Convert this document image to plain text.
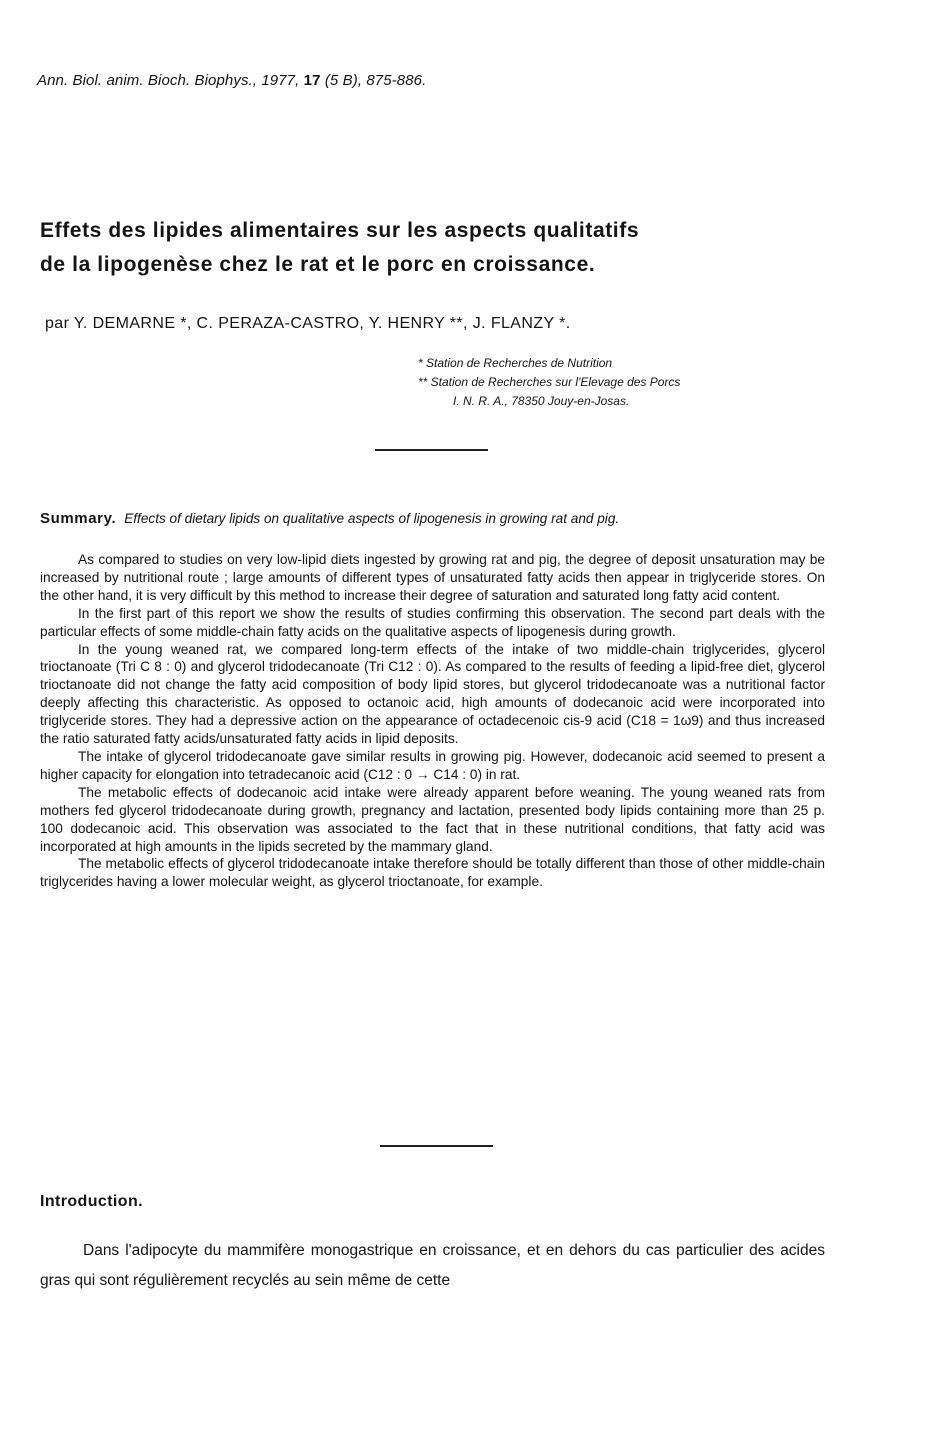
Ann. Biol. anim. Bioch. Biophys., 1977, 17 (5 B), 875-886.
Effets des lipides alimentaires sur les aspects qualitatifs
de la lipogenèse chez le rat et le porc en croissance.
par Y. DEMARNE *, C. PERAZA-CASTRO, Y. HENRY **, J. FLANZY *.
* Station de Recherches de Nutrition
** Station de Recherches sur l'Elevage des Porcs
I. N. R. A., 78350 Jouy-en-Josas.
Summary. Effects of dietary lipids on qualitative aspects of lipogenesis in growing rat and pig.

As compared to studies on very low-lipid diets ingested by growing rat and pig, the degree of deposit unsaturation may be increased by nutritional route ; large amounts of different types of unsaturated fatty acids then appear in triglyceride stores. On the other hand, it is very difficult by this method to increase their degree of saturation and saturated long fatty acid content.

In the first part of this report we show the results of studies confirming this observation. The second part deals with the particular effects of some middle-chain fatty acids on the qualitative aspects of lipogenesis during growth.

In the young weaned rat, we compared long-term effects of the intake of two middle-chain triglycerides, glycerol trioctanoate (Tri C 8 : 0) and glycerol tridodecanoate (Tri C12 : 0). As compared to the results of feeding a lipid-free diet, glycerol trioctanoate did not change the fatty acid composition of body lipid stores, but glycerol tridodecanoate was a nutritional factor deeply affecting this characteristic. As opposed to octanoic acid, high amounts of dodecanoic acid were incorporated into triglyceride stores. They had a depressive action on the appearance of octadecenoic cis-9 acid (C18 = 1ω9) and thus increased the ratio saturated fatty acids/unsaturated fatty acids in lipid deposits.

The intake of glycerol tridodecanoate gave similar results in growing pig. However, dodecanoic acid seemed to present a higher capacity for elongation into tetradecanoic acid (C12 : 0 → C14 : 0) in rat.

The metabolic effects of dodecanoic acid intake were already apparent before weaning. The young weaned rats from mothers fed glycerol tridodecanoate during growth, pregnancy and lactation, presented body lipids containing more than 25 p. 100 dodecanoic acid. This observation was associated to the fact that in these nutritional conditions, that fatty acid was incorporated at high amounts in the lipids secreted by the mammary gland.

The metabolic effects of glycerol tridodecanoate intake therefore should be totally different than those of other middle-chain triglycerides having a lower molecular weight, as glycerol trioctanoate, for example.

Introduction.

Dans l'adipocyte du mammifère monogastrique en croissance, et en dehors du cas particulier des acides gras qui sont régulièrement recyclés au sein même de cette
